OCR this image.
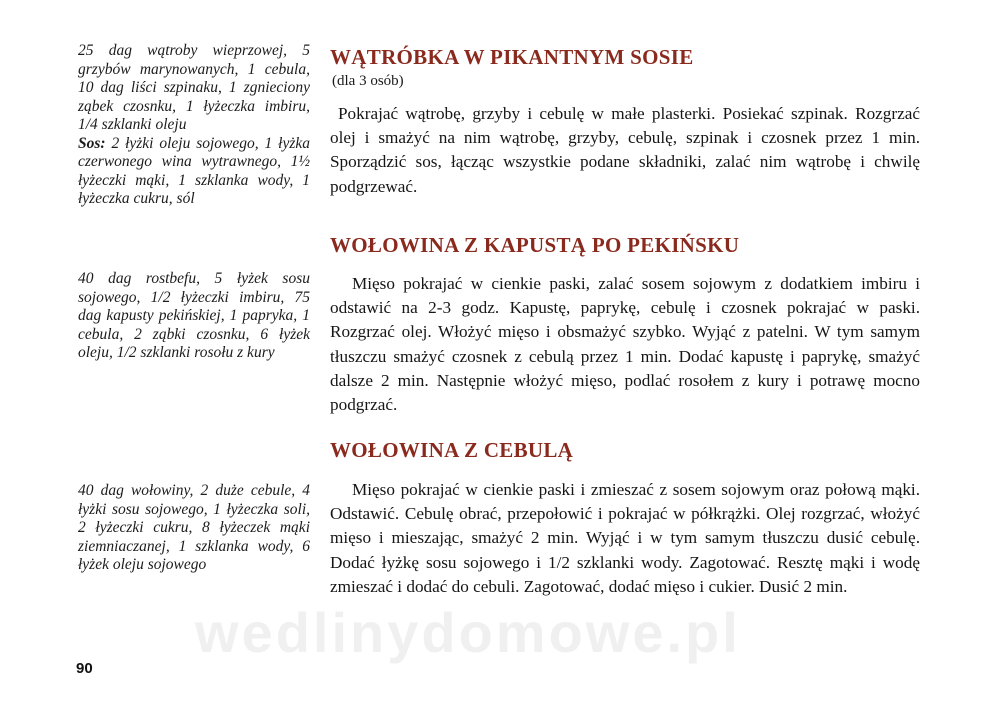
25 dag wątroby wieprzowej, 5 grzybów marynowanych, 1 cebula, 10 dag liści szpinaku, 1 zgnieciony ząbek czosnku, 1 łyżeczka imbiru, 1/4 szklanki oleju
Sos: 2 łyżki oleju sojowego, 1 łyżka czerwonego wina wytrawnego, 1½ łyżeczki mąki, 1 szklanka wody, 1 łyżeczka cukru, sól
40 dag rostbefu, 5 łyżek sosu sojowego, 1/2 łyżeczki imbiru, 75 dag kapusty pekińskiej, 1 papryka, 1 cebula, 2 ząbki czosnku, 6 łyżek oleju, 1/2 szklanki rosołu z kury
40 dag wołowiny, 2 duże cebule, 4 łyżki sosu sojowego, 1 łyżeczka soli, 2 łyżeczki cukru, 8 łyżeczek mąki ziemniaczanej, 1 szklanka wody, 6 łyżek oleju sojowego
WĄTRÓBKA W PIKANTNYM SOSIE
(dla 3 osób)

Pokrajać wątrobę, grzyby i cebulę w małe plasterki. Posiekać szpinak. Rozgrzać olej i smażyć na nim wątrobę, grzyby, cebulę, szpinak i czosnek przez 1 min. Sporządzić sos, łącząc wszystkie podane składniki, zalać nim wątrobę i chwilę podgrzewać.

WOŁOWINA Z KAPUSTĄ PO PEKIŃSKU

Mięso pokrajać w cienkie paski, zalać sosem sojowym z dodatkiem imbiru i odstawić na 2-3 godz. Kapustę, paprykę, cebulę i czosnek pokrajać w paski. Rozgrzać olej. Włożyć mięso i obsmażyć szybko. Wyjąć z patelni. W tym samym tłuszczu smażyć czosnek z cebulą przez 1 min. Dodać kapustę i paprykę, smażyć dalsze 2 min. Następnie włożyć mięso, podlać rosołem z kury i potrawę mocno podgrzać.

WOŁOWINA Z CEBULĄ

Mięso pokrajać w cienkie paski i zmieszać z sosem sojowym oraz połową mąki. Odstawić. Cebulę obrać, przepołowić i pokrajać w półkrążki. Olej rozgrzać, włożyć mięso i mieszając, smażyć 2 min. Wyjąć i w tym samym tłuszczu dusić cebulę. Dodać łyżkę sosu sojowego i 1/2 szklanki wody. Zagotować. Resztę mąki i wodę zmieszać i dodać do cebuli. Zagotować, dodać mięso i cukier. Dusić 2 min.

wedlinydomowe.pl
90
